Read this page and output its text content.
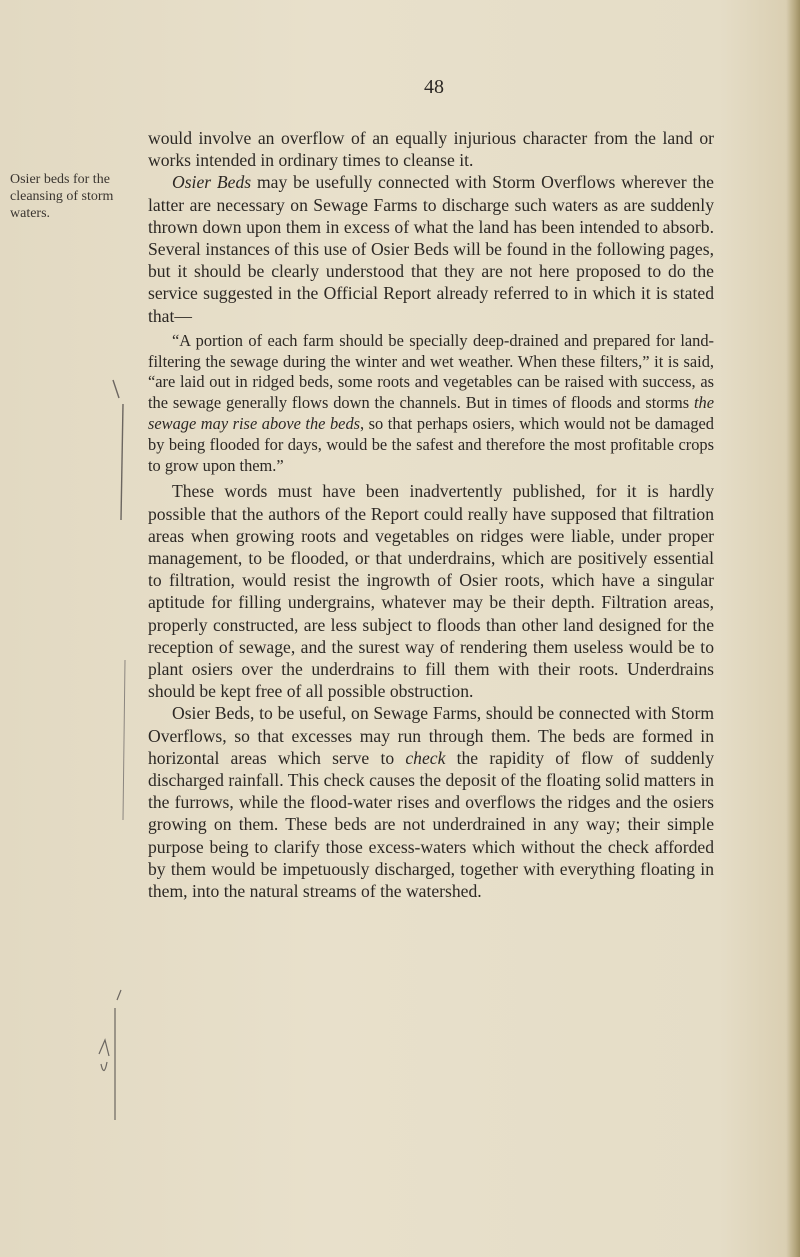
48
Osier beds for the cleansing of storm waters.

would involve an overflow of an equally injurious character from the land or works intended in ordinary times to cleanse it.

Osier Beds may be usefully connected with Storm Overflows wherever the latter are necessary on Sewage Farms to discharge such waters as are suddenly thrown down upon them in excess of what the land has been intended to absorb. Several instances of this use of Osier Beds will be found in the following pages, but it should be clearly understood that they are not here proposed to do the service suggested in the Official Report already referred to in which it is stated that—

“A portion of each farm should be specially deep-drained and prepared for land-filtering the sewage during the winter and wet weather. When these filters,” it is said, “are laid out in ridged beds, some roots and vegetables can be raised with success, as the sewage generally flows down the channels. But in times of floods and storms the sewage may rise above the beds, so that perhaps osiers, which would not be damaged by being flooded for days, would be the safest and therefore the most profitable crops to grow upon them.”

These words must have been inadvertently published, for it is hardly possible that the authors of the Report could really have supposed that filtration areas when growing roots and vegetables on ridges were liable, under proper management, to be flooded, or that underdrains, which are positively essential to filtration, would resist the ingrowth of Osier roots, which have a singular aptitude for filling undergrains, whatever may be their depth. Filtration areas, properly constructed, are less subject to floods than other land designed for the reception of sewage, and the surest way of rendering them useless would be to plant osiers over the underdrains to fill them with their roots. Underdrains should be kept free of all possible obstruction.

Osier Beds, to be useful, on Sewage Farms, should be connected with Storm Overflows, so that excesses may run through them. The beds are formed in horizontal areas which serve to check the rapidity of flow of suddenly discharged rainfall. This check causes the deposit of the floating solid matters in the furrows, while the flood-water rises and overflows the ridges and the osiers growing on them. These beds are not underdrained in any way; their simple purpose being to clarify those excess-waters which without the check afforded by them would be impetuously discharged, together with everything floating in them, into the natural streams of the watershed.
